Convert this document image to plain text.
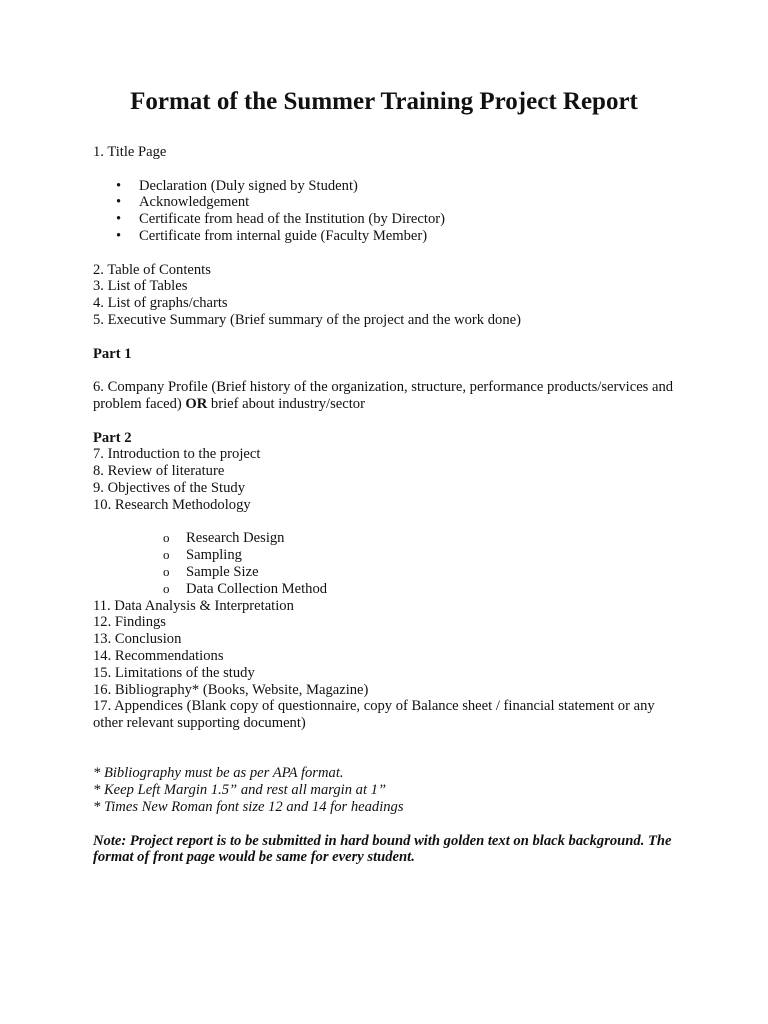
Format of the Summer Training Project Report
1. Title Page
• Declaration (Duly signed by Student)
• Acknowledgement
• Certificate from head of the Institution (by Director)
• Certificate from internal guide (Faculty Member)
2. Table of Contents
3. List of Tables
4. List of graphs/charts
5. Executive Summary (Brief summary of the project and the work done)
Part 1
6. Company Profile (Brief history of the organization, structure, performance products/services and problem faced) OR brief about industry/sector
Part 2
7. Introduction to the project
8. Review of literature
9. Objectives of the Study
10. Research Methodology
o Research Design
o Sampling
o Sample Size
o Data Collection Method
11. Data Analysis & Interpretation
12. Findings
13. Conclusion
14. Recommendations
15. Limitations of the study
16. Bibliography* (Books, Website, Magazine)
17. Appendices (Blank copy of questionnaire, copy of Balance sheet / financial statement or any other relevant supporting document)
* Bibliography must be as per APA format.
* Keep Left Margin 1.5” and rest all margin at 1”
* Times New Roman font size 12 and 14 for headings
Note: Project report is to be submitted in hard bound with golden text on black background. The format of front page would be same for every student.
